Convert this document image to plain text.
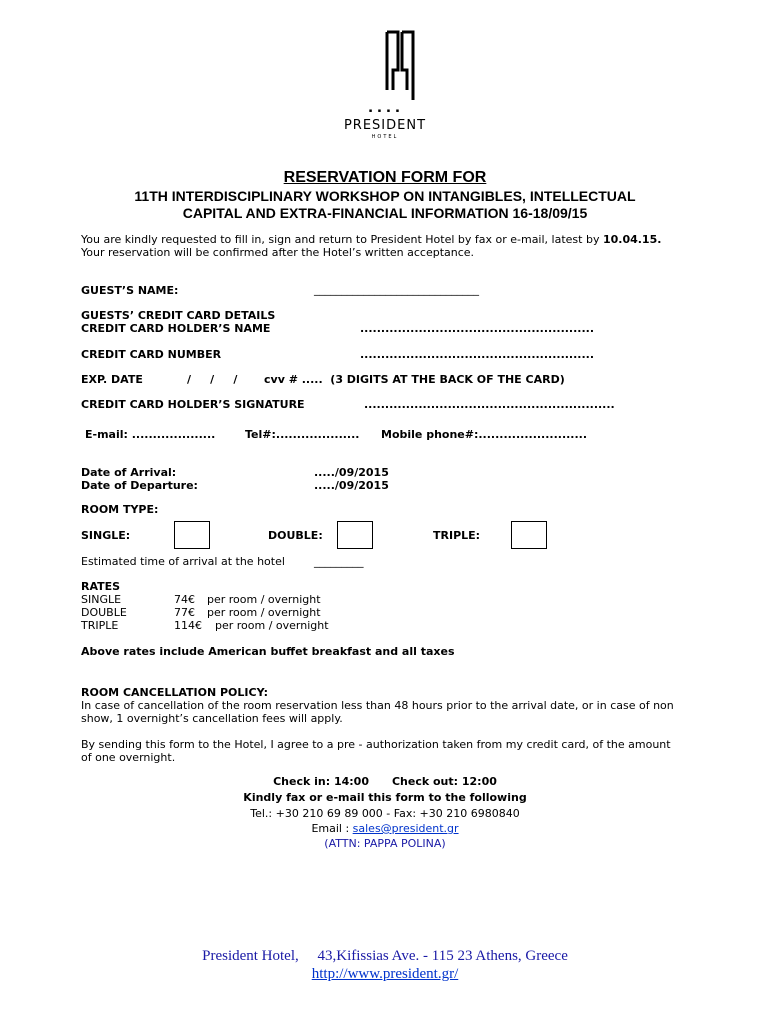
▪ ▪ ▪ ▪
PRESIDENT
HOTEL
RESERVATION FORM FOR
11TH INTERDISCIPLINARY WORKSHOP ON INTANGIBLES, INTELLECTUAL
CAPITAL AND EXTRA-FINANCIAL INFORMATION 16-18/09/15
You are kindly requested to fill in, sign and return to President Hotel by fax or e-mail, latest by 10.04.15.
Your reservation will be confirmed after the Hotel’s written acceptance.
GUEST’S NAME:	______________________________
GUESTS’ CREDIT CARD DETAILS
CREDIT CARD HOLDER’S NAME	........................................................
CREDIT CARD NUMBER	........................................................
EXP. DATE	/     /     / cvv # .....  (3 DIGITS AT THE BACK OF THE CARD)
CREDIT CARD HOLDER’S SIGNATURE	............................................................
E-mail: ....................	Tel#:.................... Mobile phone#:..........................
Date of Arrival:	...../09/2015
Date of Departure:	...../09/2015
ROOM TYPE:
SINGLE:	DOUBLE:	TRIPLE:
Estimated time of arrival at the hotel	_________
RATES
SINGLE	74€ per room / overnight
DOUBLE	77€ per room / overnight
TRIPLE	114€ per room / overnight
Above rates include American buffet breakfast and all taxes
ROOM CANCELLATION POLICY:
In case of cancellation of the room reservation less than 48 hours prior to the arrival date, or in case of non
show, 1 overnight’s cancellation fees will apply.
By sending this form to the Hotel, I agree to a pre - authorization taken from my credit card, of the amount
of one overnight.
Check in: 14:00      Check out: 12:00
Kindly fax or e-mail this form to the following
Tel.: +30 210 69 89 000 - Fax: +30 210 6980840
Email : sales@president.gr
(ATTN: PAPPA POLINA)
President Hotel,     43,Kifissias Ave. - 115 23 Athens, Greece
http://www.president.gr/
